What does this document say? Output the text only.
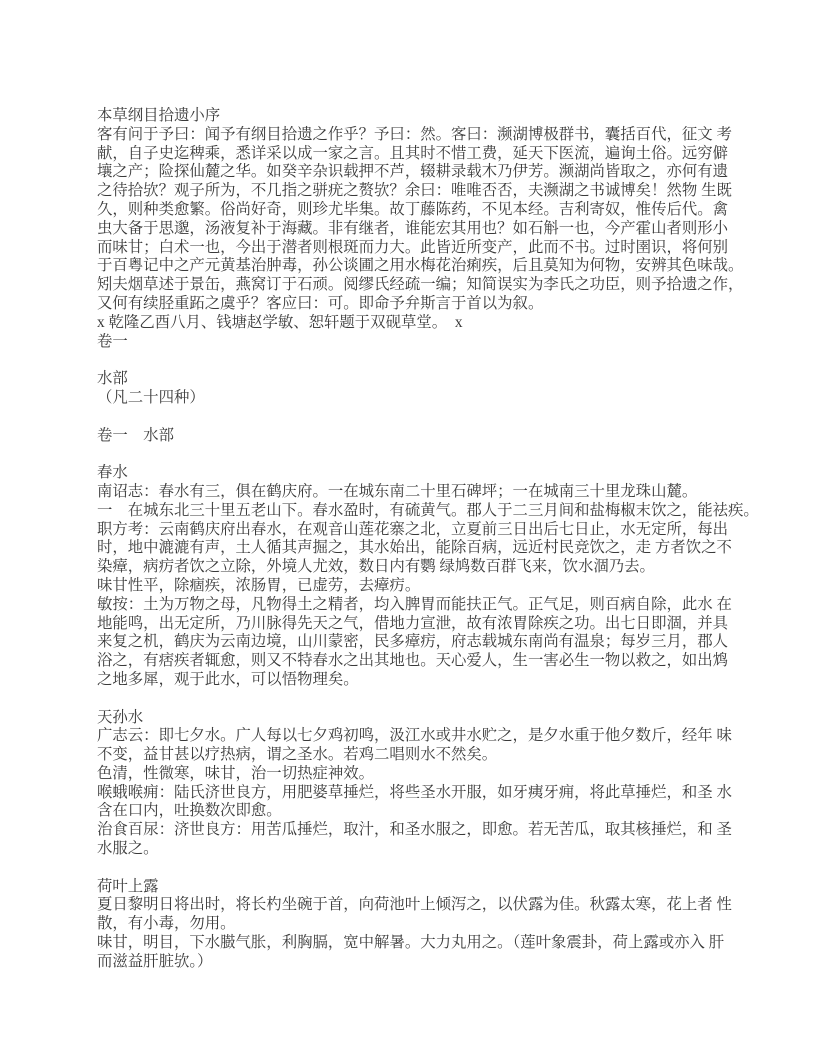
本草纲目拾遗小序
客有问于予曰：闻予有纲目拾遗之作乎？予曰：然。客曰：濒湖博极群书，囊括百代，征文 考
献，自子史迄稗乘，悉详采以成一家之言。且其时不惜工费，延天下医流，遍询土俗。远穷僻
壤之产；险探仙麓之华。如癸辛杂识载押不芦，辍耕录载木乃伊芳。濒湖尚皆取之，亦何有遗
之待拾欤？观子所为，不几指之骈疣之赘欤？余曰：唯唯否否，夫濒湖之书诚博矣！然物 生既
久，则种类愈繁。俗尚好奇，则珍尤毕集。故丁藤陈药，不见本经。吉利寄奴，惟传后代。禽
虫大备于思邈，汤液复补于海藏。非有继者，谁能宏其用也？如石斛一也，今产霍山者则形小
而味甘；白术一也，今出于潜者则根斑而力大。此皆近所变产，此而不书。过时圉识，将何别
于百粤记中之产元黄基治肿毒，孙公谈圃之用水梅花治痢疾，后且莫知为何物，安辨其色味哉。
矧夫烟草述于景缶，燕窝订于石顽。阅缪氏经疏一编；知简误实为李氏之功臣，则予拾遗之作，
又何有续胫重跖之虞乎？客应曰：可。即命予弁斯言于首以为叙。
x 乾隆乙酉八月、钱塘赵学敏、恕轩题于双砚草堂。  x
卷一
水部
（凡二十四种）
卷一　水部
春水
南诏志：春水有三，俱在鹤庆府。一在城东南二十里石碑坪；一在城南三十里龙珠山麓。
一　在城东北三十里五老山下。春水盈时，有硫黄气。郡人于二三月间和盐梅椒末饮之，能祛疾。
职方考：云南鹤庆府出春水，在观音山莲花寨之北，立夏前三日出后七日止，水无定所，每出
时，地中漉漉有声，土人循其声掘之，其水始出，能除百病，远近村民竞饮之，走 方者饮之不
染瘴，病疠者饮之立除，外境人尤效，数日内有鹦 绿鸠数百群飞来，饮水涸乃去。
味甘性平，除痼疾，浓肠胃，已虚劳，去瘴疠。
敏按：土为万物之母，凡物得土之精者，均入脾胃而能扶正气。正气足，则百病自除，此水 在
地能鸣，出无定所，乃川脉得先天之气，借地力宣泄，故有浓胃除疾之功。出七日即涸，并具
来复之机，鹤庆为云南边境，山川蒙密，民多瘴疠，府志载城东南尚有温泉；每岁三月，郡人
浴之，有痞疾者辄愈，则又不特春水之出其地也。天心爱人，生一害必生一物以救之，如出鸩
之地多犀，观于此水，可以悟物理矣。
天孙水
广志云：即七夕水。广人每以七夕鸡初鸣，汲江水或井水贮之，是夕水重于他夕数斤，经年 味
不变，益甘甚以疗热病，谓之圣水。若鸡二唱则水不然矣。
色清，性微寒，味甘，治一切热症神效。
喉蛾喉痈：陆氏济世良方，用肥婆草捶烂，将些圣水开服，如牙痍牙痈，将此草捶烂，和圣 水
含在口内，吐换数次即愈。
治食百尿：济世良方：用苦瓜捶烂，取汁，和圣水服之，即愈。若无苦瓜，取其核捶烂，和 圣
水服之。
荷叶上露
夏日黎明日将出时，将长杓坐碗于首，向荷池叶上倾泻之，以伏露为佳。秋露太寒，花上者 性
散，有小毒，勿用。
味甘，明目，下水臌气胀，利胸膈，宽中解暑。大力丸用之。（莲叶象震卦，荷上露或亦入 肝
而滋益肝脏欤。）
